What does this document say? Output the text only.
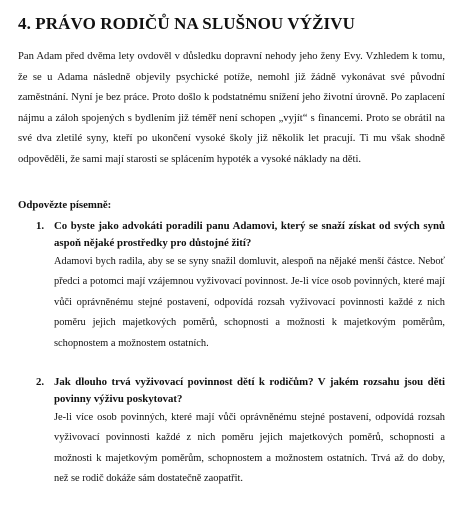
4. PRÁVO RODIČŮ NA SLUŠNOU VÝŽIVU

Pan Adam před dvěma lety ovdověl v důsledku dopravní nehody jeho ženy Evy. Vzhledem k tomu, že se u Adama následně objevily psychické potíže, nemohl již žádně vykonávat své původní zaměstnání. Nyní je bez práce. Proto došlo k podstatnému snížení jeho životní úrovně. Po zaplacení nájmu a záloh spojených s bydlením již téměř není schopen „vyjít“ s financemi. Proto se obrátil na své dva zletilé syny, kteří po ukončení vysoké školy již několik let pracují. Ti mu však shodně odpověděli, že sami mají starosti se splácením hypoték a vysoké náklady na děti.

Odpovězte písemně:
1. Co byste jako advokáti poradili panu Adamovi, který se snaží získat od svých synů aspoň nějaké prostředky pro důstojné žití?

Adamovi bych radila, aby se se syny snažil domluvit, alespoň na nějaké menší částce. Neboť předci a potomci mají vzájemnou vyživovací povinnost. Je-li více osob povinných, které mají vůči oprávněnému stejné postavení, odpovídá rozsah vyživovací povinnosti každé z nich poměru jejich majetkových poměrů, schopnosti a možnosti k majetkovým poměrům, schopnostem a možnostem ostatních.

2. Jak dlouho trvá vyživovací povinnost dětí k rodičům? V jakém rozsahu jsou děti povinny výživu poskytovat?

Je-li více osob povinných, které mají vůči oprávněnému stejné postavení, odpovídá rozsah vyživovací povinnosti každé z nich poměru jejich majetkových poměrů, schopnosti a možnosti k majetkovým poměrům, schopnostem a možnostem ostatních. Trvá až do doby, než se rodič dokáže sám dostatečně zaopatřit.
